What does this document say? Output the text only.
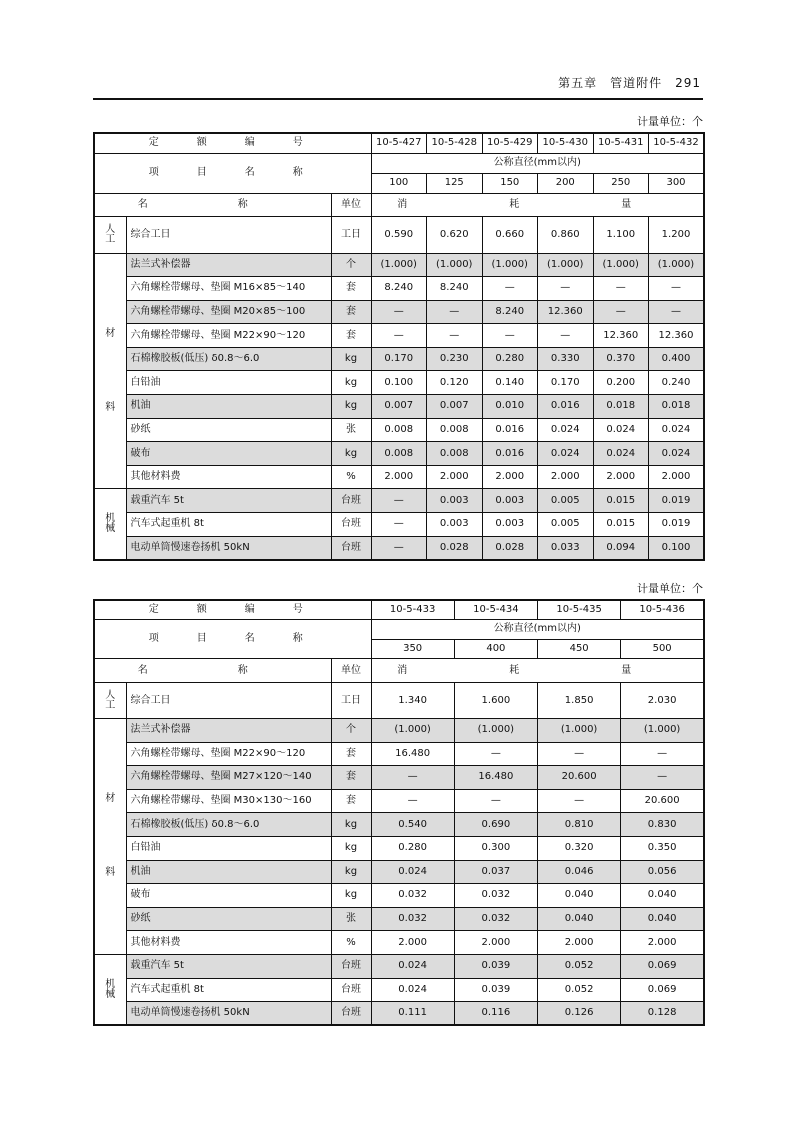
第五章　管道附件　291
计量单位：个
定　额　编　号			10-5-427	10-5-428	10-5-429	10-5-430	10-5-431	10-5-432
项　目　名　称			公称直径(mm以内)					
			100	125	150	200	250	300
名　称		单位	消　耗　量					
人工	综合工日	工日	0.590	0.620	0.660	0.860	1.100	1.200

材
料	法兰式补偿器	个	(1.000)	(1.000)	(1.000)	(1.000)	(1.000)	(1.000)
	六角螺栓带螺母、垫圈 M16×85～140	套	8.240	8.240	—	—	—	—
	六角螺栓带螺母、垫圈 M20×85～100	套	—	—	8.240	12.360	—	—
	六角螺栓带螺母、垫圈 M22×90～120	套	—	—	—	—	12.360	12.360
	石棉橡胶板(低压) δ0.8～6.0	kg	0.170	0.230	0.280	0.330	0.370	0.400
	白铅油	kg	0.100	0.120	0.140	0.170	0.200	0.240
	机油	kg	0.007	0.007	0.010	0.016	0.018	0.018
	砂纸	张	0.008	0.008	0.016	0.024	0.024	0.024
	破布	kg	0.008	0.008	0.016	0.024	0.024	0.024
	其他材料费	%	2.000	2.000	2.000	2.000	2.000	2.000
机械	载重汽车 5t	台班	—	0.003	0.003	0.005	0.015	0.019
	汽车式起重机 8t	台班	—	0.003	0.003	0.005	0.015	0.019
	电动单筒慢速卷扬机 50kN	台班	—	0.028	0.028	0.033	0.094	0.100
计量单位：个
定　额　编　号			10-5-433	10-5-434	10-5-435	10-5-436
项　目　名　称			公称直径(mm以内)			
			350	400	450	500
名　称		单位	消　耗　量			
人工	综合工日	工日	1.340	1.600	1.850	2.030

材
料	法兰式补偿器	个	(1.000)	(1.000)	(1.000)	(1.000)
	六角螺栓带螺母、垫圈 M22×90～120	套	16.480	—	—	—
	六角螺栓带螺母、垫圈 M27×120～140	套	—	16.480	20.600	—
	六角螺栓带螺母、垫圈 M30×130～160	套	—	—	—	20.600
	石棉橡胶板(低压) δ0.8～6.0	kg	0.540	0.690	0.810	0.830
	白铅油	kg	0.280	0.300	0.320	0.350
	机油	kg	0.024	0.037	0.046	0.056
	破布	kg	0.032	0.032	0.040	0.040
	砂纸	张	0.032	0.032	0.040	0.040
	其他材料费	%	2.000	2.000	2.000	2.000
机械	载重汽车 5t	台班	0.024	0.039	0.052	0.069
	汽车式起重机 8t	台班	0.024	0.039	0.052	0.069
	电动单筒慢速卷扬机 50kN	台班	0.111	0.116	0.126	0.128
